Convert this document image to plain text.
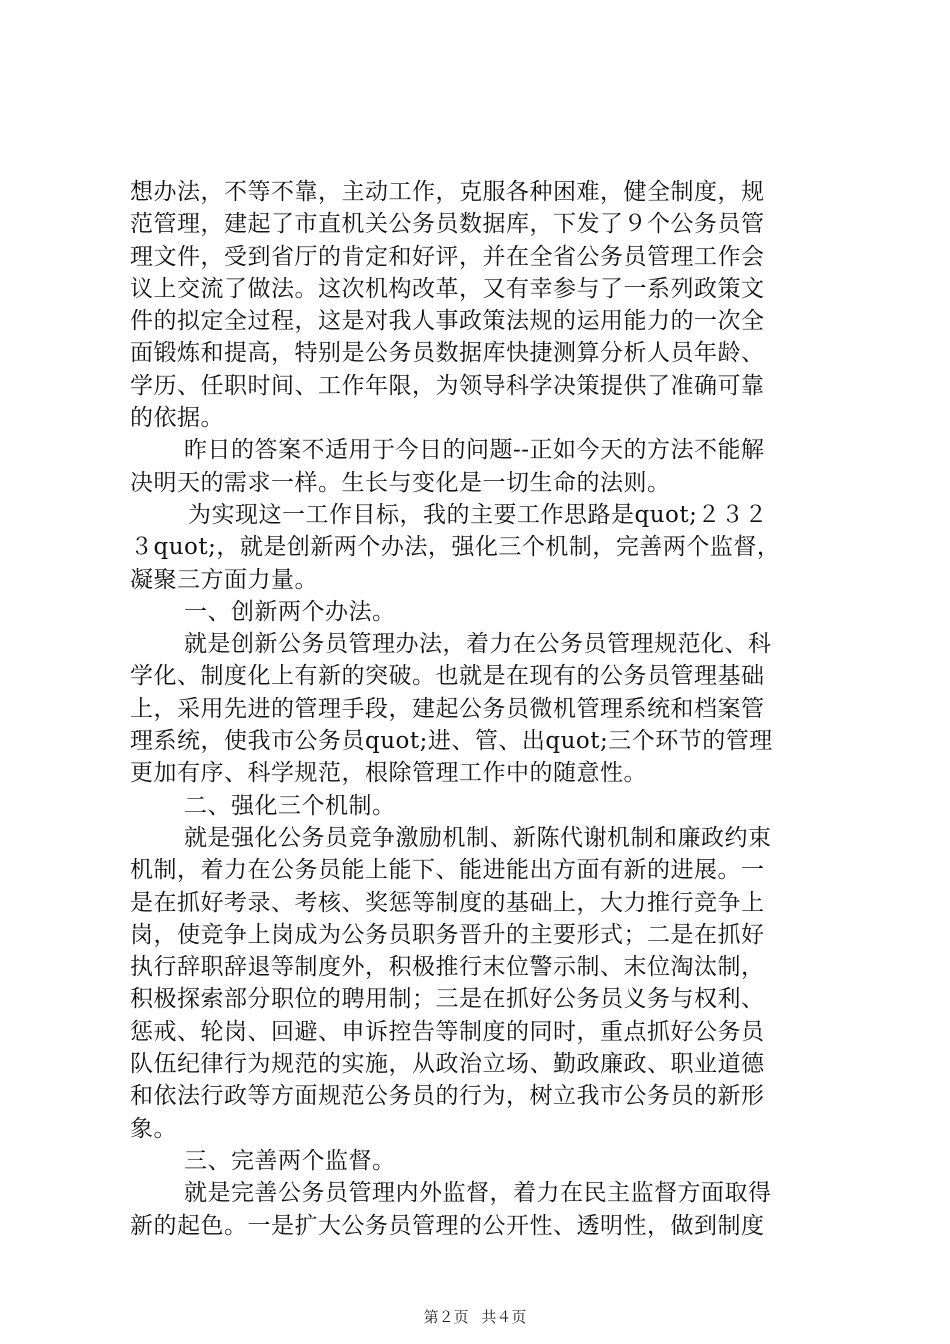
想办法，不等不靠，主动工作，克服各种困难，健全制度，规
范管理，建起了市直机关公务员数据库，下发了９个公务员管
理文件，受到省厅的肯定和好评，并在全省公务员管理工作会
议上交流了做法。这次机构改革，又有幸参与了一系列政策文
件的拟定全过程，这是对我人事政策法规的运用能力的一次全
面锻炼和提高，特别是公务员数据库快捷测算分析人员年龄、
学历、任职时间、工作年限，为领导科学决策提供了准确可靠
的依据。
昨日的答案不适用于今日的问题--正如今天的方法不能解
决明天的需求一样。生长与变化是一切生命的法则。
为实现这一工作目标，我的主要工作思路是quot;２３２
３quot;，就是创新两个办法，强化三个机制，完善两个监督，
凝聚三方面力量。
一、创新两个办法。
就是创新公务员管理办法，着力在公务员管理规范化、科
学化、制度化上有新的突破。也就是在现有的公务员管理基础
上，采用先进的管理手段，建起公务员微机管理系统和档案管
理系统，使我市公务员quot;进、管、出quot;三个环节的管理
更加有序、科学规范，根除管理工作中的随意性。
二、强化三个机制。
就是强化公务员竞争激励机制、新陈代谢机制和廉政约束
机制，着力在公务员能上能下、能进能出方面有新的进展。一
是在抓好考录、考核、奖惩等制度的基础上，大力推行竞争上
岗，使竞争上岗成为公务员职务晋升的主要形式；二是在抓好
执行辞职辞退等制度外，积极推行末位警示制、末位淘汰制，
积极探索部分职位的聘用制；三是在抓好公务员义务与权利、
惩戒、轮岗、回避、申诉控告等制度的同时，重点抓好公务员
队伍纪律行为规范的实施，从政治立场、勤政廉政、职业道德
和依法行政等方面规范公务员的行为，树立我市公务员的新形
象。
三、完善两个监督。
就是完善公务员管理内外监督，着力在民主监督方面取得
新的起色。一是扩大公务员管理的公开性、透明性，做到制度
第２页 共４页
